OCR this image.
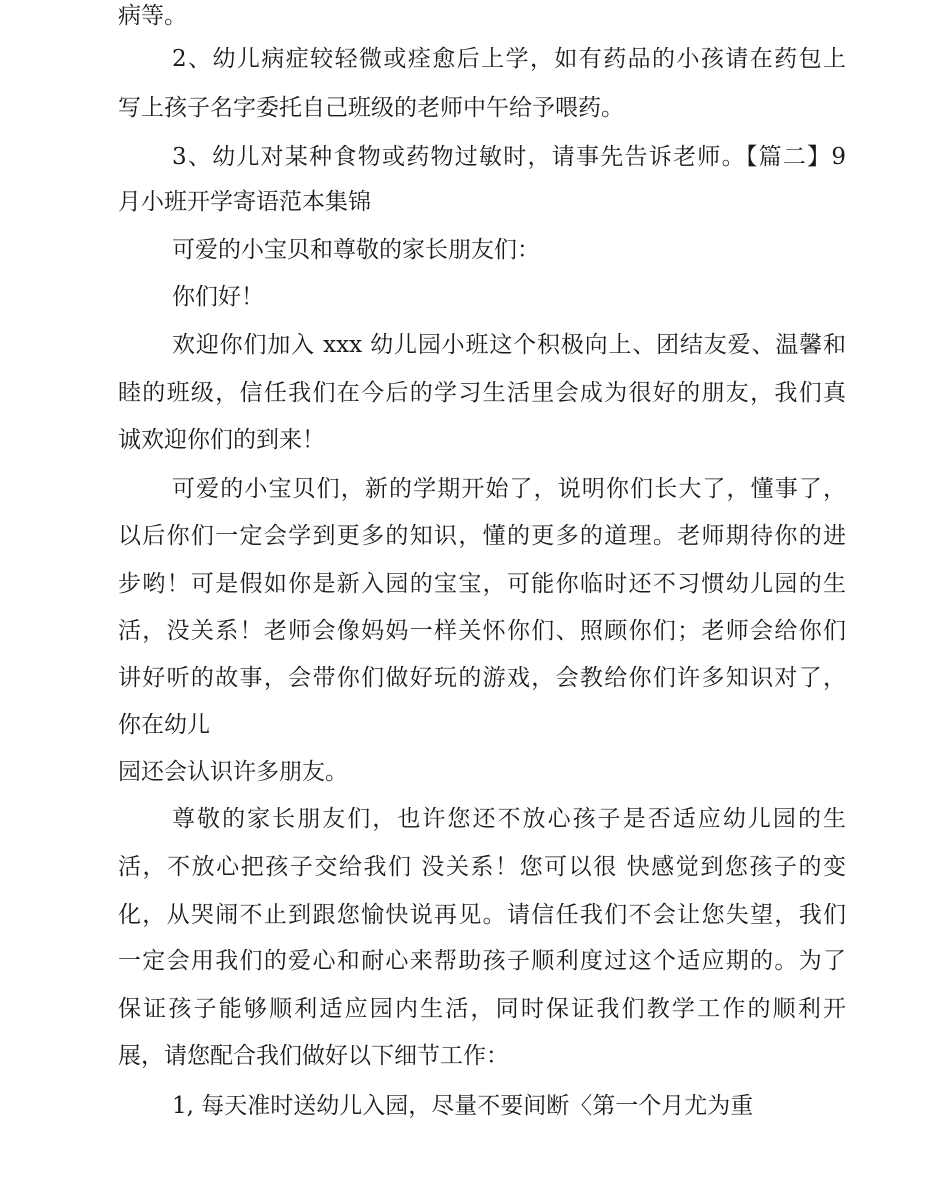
病等。
2、幼儿病症较轻微或痊愈后上学，如有药品的小孩请在药包上
写上孩子名字委托自己班级的老师中午给予喂药。
3、幼儿对某种食物或药物过敏时，请事先告诉老师。【篇二】9
月小班开学寄语范本集锦
可爱的小宝贝和尊敬的家长朋友们：
你们好！
欢迎你们加入 xxx 幼儿园小班这个积极向上、团结友爱、温馨和
睦的班级，信任我们在今后的学习生活里会成为很好的朋友，我们真
诚欢迎你们的到来！
可爱的小宝贝们，新的学期开始了，说明你们长大了，懂事了，
以后你们一定会学到更多的知识，懂的更多的道理。老师期待你的进
步哟！可是假如你是新入园的宝宝，可能你临时还不习惯幼儿园的生
活，没关系！老师会像妈妈一样关怀你们、照顾你们；老师会给你们
讲好听的故事，会带你们做好玩的游戏，会教给你们许多知识对了，
你在幼儿
园还会认识许多朋友。
尊敬的家长朋友们，也许您还不放心孩子是否适应幼儿园的生
活，不放心把孩子交给我们 没关系！您可以很 快感觉到您孩子的变
化，从哭闹不止到跟您愉快说再见。请信任我们不会让您失望，我们
一定会用我们的爱心和耐心来帮助孩子顺利度过这个适应期的。为了
保证孩子能够顺利适应园内生活，同时保证我们教学工作的顺利开
展，请您配合我们做好以下细节工作：
1, 每天准时送幼儿入园，尽量不要间断〈第一个月尤为重
